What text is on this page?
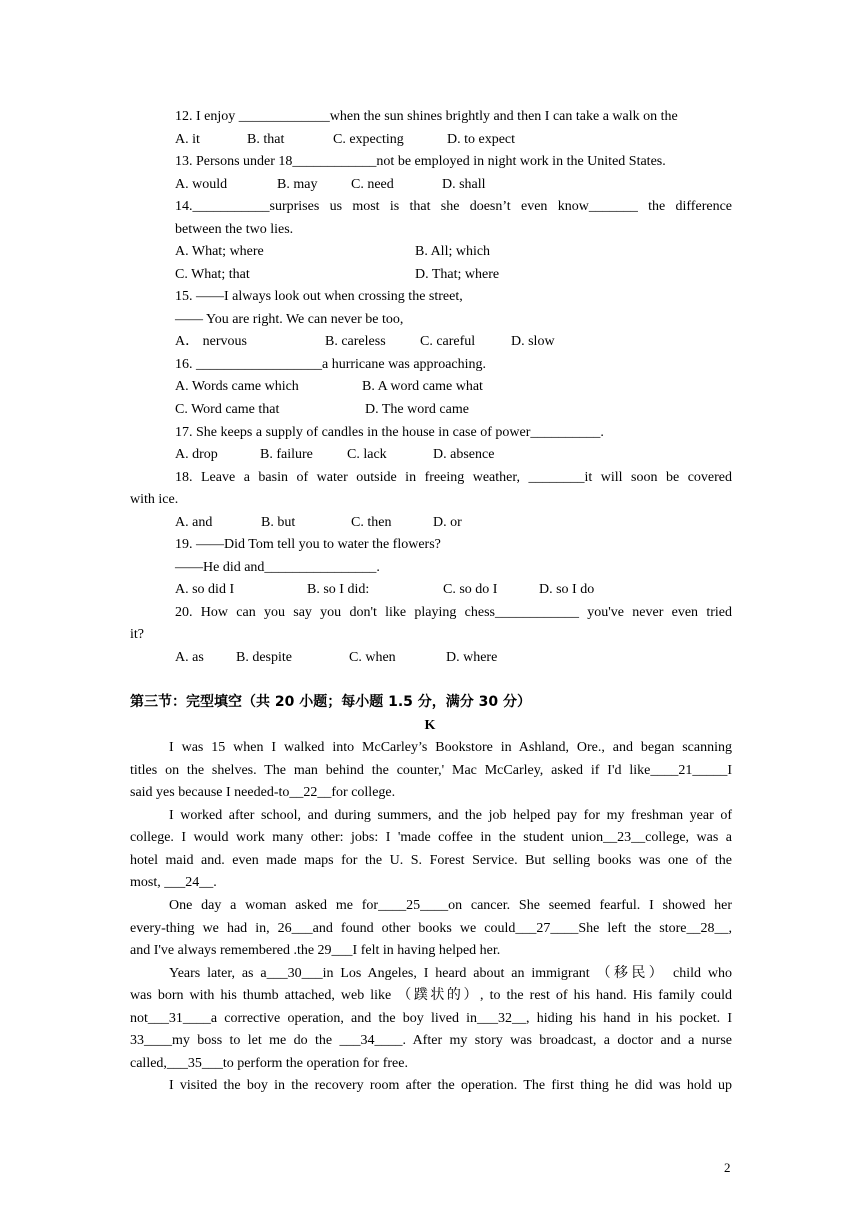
12. I enjoy _____________when the sun shines brightly and then I can take a walk on the
A. it	B. that	C. expecting	D. to expect
13. Persons under 18____________not be employed in night work in the United States.
A. would	B. may C. need	D. shall
14.___________surprises us most is that she doesn’t even know_______ the difference
between the two lies.
A. What; where	B. All; which
C. What; that	D. That; where
15. ——I always look out when crossing the street,
—— You are right. We can never be too,
A． nervous	B. careless C. careful	D. slow
16. __________________a hurricane was approaching.
A. Words came which	B. A word came what
C. Word came that	D. The word came
17. She keeps a supply of candles in the house in case of power__________.
A. drop	B. failure C. lack	D. absence
18. Leave a basin of water outside in freeing weather, ________it will soon be covered
with ice.
A. and	B. but	C. then	D. or
19. ——Did Tom tell you to water the flowers?
——He did and________________.
A. so did I	B. so I did:	C. so do I	D. so I do
20. How can you say you don't like playing chess____________ you've never even tried
it?
A. as B. despite	C. when	D. where
第三节：完型填空（共 20 小题；每小题 1.5 分，满分 30 分）
K
I was 15 when I walked into McCarley’s Bookstore in Ashland, Ore., and began scanning
titles on the shelves. The man behind the counter,' Mac McCarley, asked if I'd like____21_____I
said yes because I needed-to__22__for college.
I worked after school, and during summers, and the job helped pay for my freshman year of
college. I would work many other: jobs: I 'made coffee in the student union__23__college, was a
hotel maid and. even made maps for the U. S. Forest Service. But selling books was one of the
most, ___24__.
One day a woman asked me for____25____on cancer. She seemed fearful. I showed her
every-thing we had in, 26___and found other books we could___27____She left the store__28__,
and I've always remembered .the 29___I felt in having helped her.
Years later, as a___30___in Los Angeles, I heard about an immigrant （移民） child who
was born with his thumb attached, web like （蹼状的）, to the rest of his hand. His family could
not___31____a corrective operation, and the boy lived in___32__, hiding his hand in his pocket. I
33____my boss to let me do the ___34____. After my story was broadcast, a doctor and a nurse
called,___35___to perform the operation for free.
I visited the boy in the recovery room after the operation. The first thing he did was hold up
2
